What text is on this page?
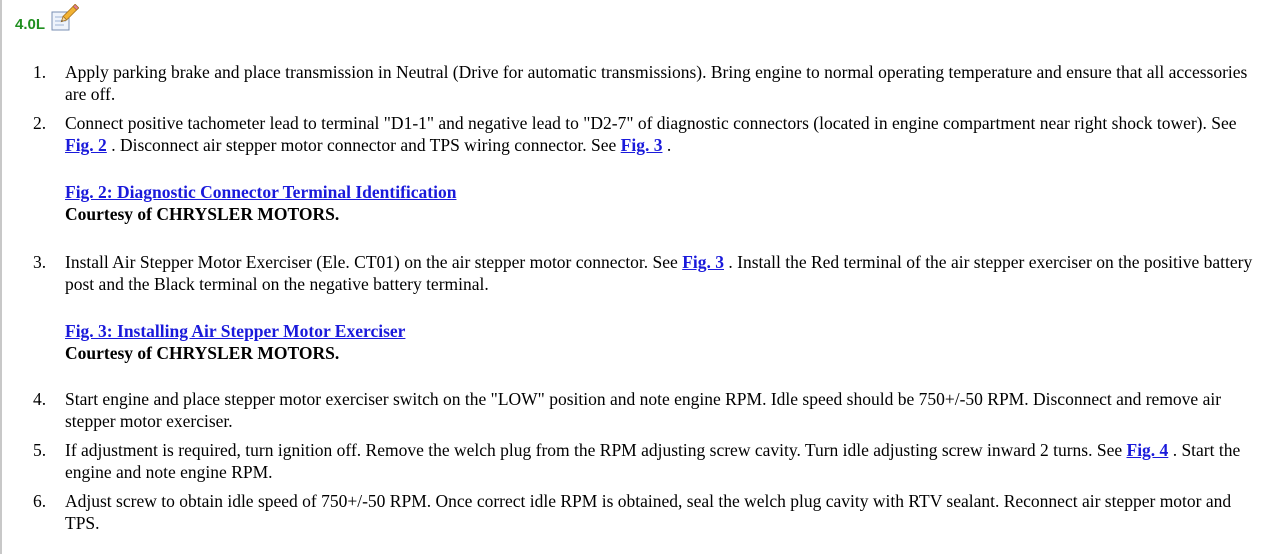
4.0L
1. Apply parking brake and place transmission in Neutral (Drive for automatic transmissions). Bring engine to normal operating temperature and ensure that all accessories are off.
2. Connect positive tachometer lead to terminal "D1-1" and negative lead to "D2-7" of diagnostic connectors (located in engine compartment near right shock tower). See Fig. 2 . Disconnect air stepper motor connector and TPS wiring connector. See Fig. 3 .
Fig. 2: Diagnostic Connector Terminal Identification
Courtesy of CHRYSLER MOTORS.
3. Install Air Stepper Motor Exerciser (Ele. CT01) on the air stepper motor connector. See Fig. 3 . Install the Red terminal of the air stepper exerciser on the positive battery post and the Black terminal on the negative battery terminal.
Fig. 3: Installing Air Stepper Motor Exerciser
Courtesy of CHRYSLER MOTORS.
4. Start engine and place stepper motor exerciser switch on the "LOW" position and note engine RPM. Idle speed should be 750+/-50 RPM. Disconnect and remove air stepper motor exerciser.
5. If adjustment is required, turn ignition off. Remove the welch plug from the RPM adjusting screw cavity. Turn idle adjusting screw inward 2 turns. See Fig. 4 . Start the engine and note engine RPM.
6. Adjust screw to obtain idle speed of 750+/-50 RPM. Once correct idle RPM is obtained, seal the welch plug cavity with RTV sealant. Reconnect air stepper motor and TPS.
